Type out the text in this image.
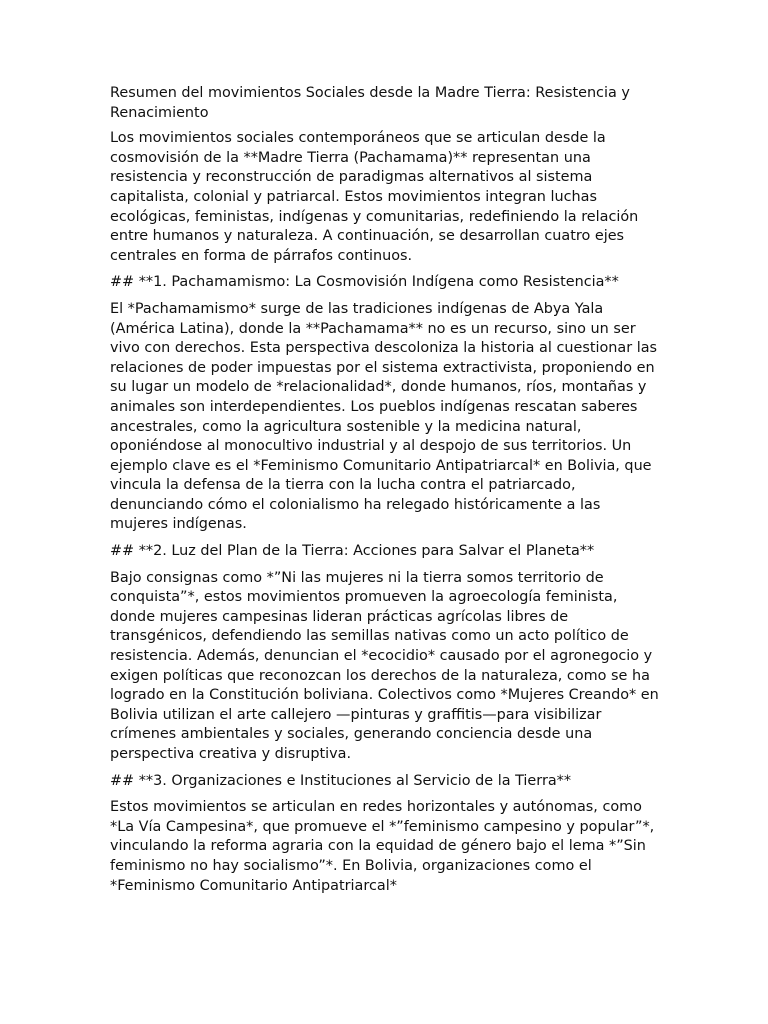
Resumen del movimientos Sociales desde la Madre Tierra: Resistencia y Renacimiento

Los movimientos sociales contemporáneos que se articulan desde la cosmovisión de la **Madre Tierra (Pachamama)** representan una resistencia y reconstrucción de paradigmas alternativos al sistema capitalista, colonial y patriarcal. Estos movimientos integran luchas ecológicas, feministas, indígenas y comunitarias, redefiniendo la relación entre humanos y naturaleza. A continuación, se desarrollan cuatro ejes centrales en forma de párrafos continuos.

## **1. Pachamamismo: La Cosmovisión Indígena como Resistencia**

El *Pachamamismo* surge de las tradiciones indígenas de Abya Yala (América Latina), donde la **Pachamama** no es un recurso, sino un ser vivo con derechos. Esta perspectiva descoloniza la historia al cuestionar las relaciones de poder impuestas por el sistema extractivista, proponiendo en su lugar un modelo de *relacionalidad*, donde humanos, ríos, montañas y animales son interdependientes. Los pueblos indígenas rescatan saberes ancestrales, como la agricultura sostenible y la medicina natural, oponiéndose al monocultivo industrial y al despojo de sus territorios. Un ejemplo clave es el *Feminismo Comunitario Antipatriarcal* en Bolivia, que vincula la defensa de la tierra con la lucha contra el patriarcado, denunciando cómo el colonialismo ha relegado históricamente a las mujeres indígenas.

## **2. Luz del Plan de la Tierra: Acciones para Salvar el Planeta**

Bajo consignas como *”Ni las mujeres ni la tierra somos territorio de conquista”*, estos movimientos promueven la agroecología feminista, donde mujeres campesinas lideran prácticas agrícolas libres de transgénicos, defendiendo las semillas nativas como un acto político de resistencia. Además, denuncian el *ecocidio* causado por el agronegocio y exigen políticas que reconozcan los derechos de la naturaleza, como se ha logrado en la Constitución boliviana. Colectivos como *Mujeres Creando* en Bolivia utilizan el arte callejero —pinturas y graffitis—para visibilizar crímenes ambientales y sociales, generando conciencia desde una perspectiva creativa y disruptiva.

## **3. Organizaciones e Instituciones al Servicio de la Tierra**

Estos movimientos se articulan en redes horizontales y autónomas, como *La Vía Campesina*, que promueve el *”feminismo campesino y popular”*, vinculando la reforma agraria con la equidad de género bajo el lema *”Sin feminismo no hay socialismo”*. En Bolivia, organizaciones como el *Feminismo Comunitario Antipatriarcal*
